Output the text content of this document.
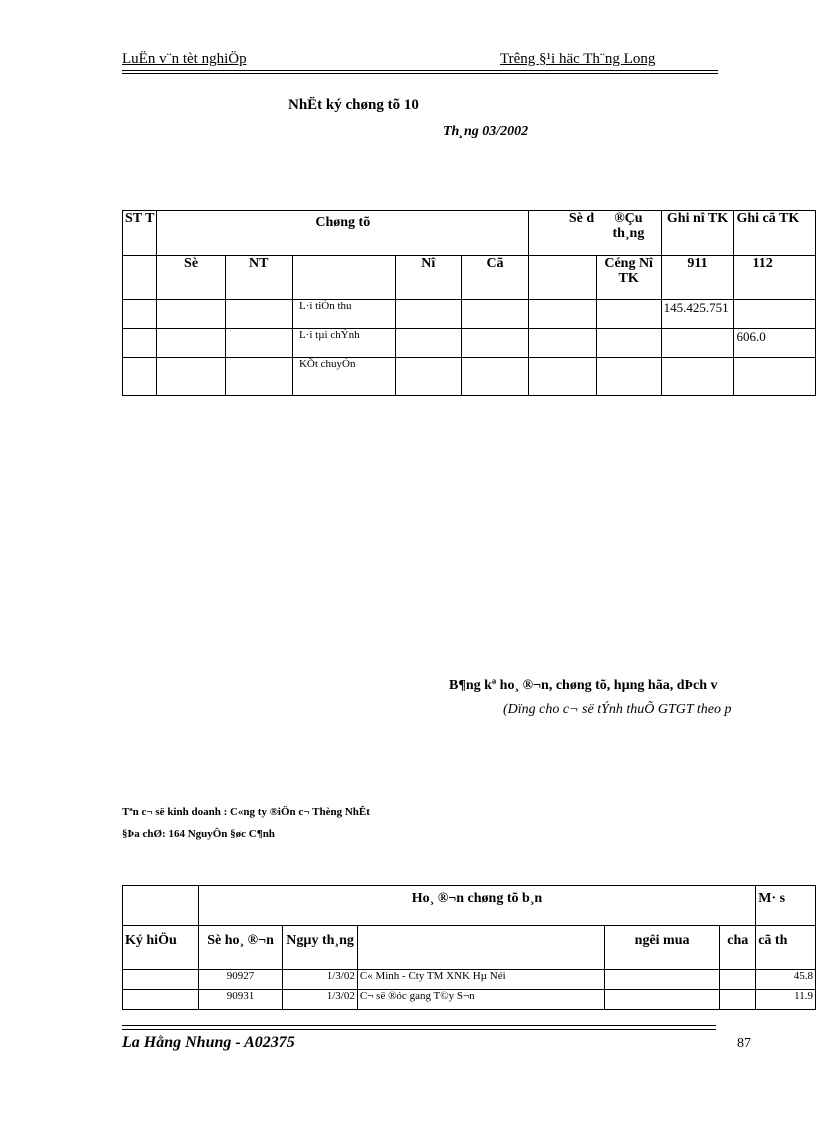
LuËn v¨n tèt nghiÖp	Trêng §¹i häc Th¨ng Long
NhËt ký chøng tõ 10
Th¸ng 03/2002
ST T	Chøng tõ					Sè d	®Çu th¸ng	Ghi nî TK	Ghi cã TK
	Sè	NT		Nî	Cã		Céng Nî TK	911	112
			L·i tiÒn thu					145.425.751	
			L·i tµi chÝnh						606.0
			KÕt chuyÓn						
B¶ng kª ho¸ ®¬n, chøng tõ, hµng hãa, dÞch v
(Dïng cho c¬ së tÝnh thuÕ GTGT theo p
Tªn c¬ së kinh doanh : C«ng ty ®iÖn c¬ Thèng NhÊt
§Þa chØ: 164 NguyÔn §øc C¶nh
	Ho¸ ®¬n chøng tõ b¸n					M· s
Ký hiÖu	Sè ho¸ ®¬n	Ngµy th¸ng		ngêi mua	cha	cã th
	90927	1/3/02	C« Minh - Cty TM XNK Hµ Néi			45.8
	90931	1/3/02	C¬ së ®óc gang T©y S¬n			11.9
La Hằng Nhung - A02375	87
